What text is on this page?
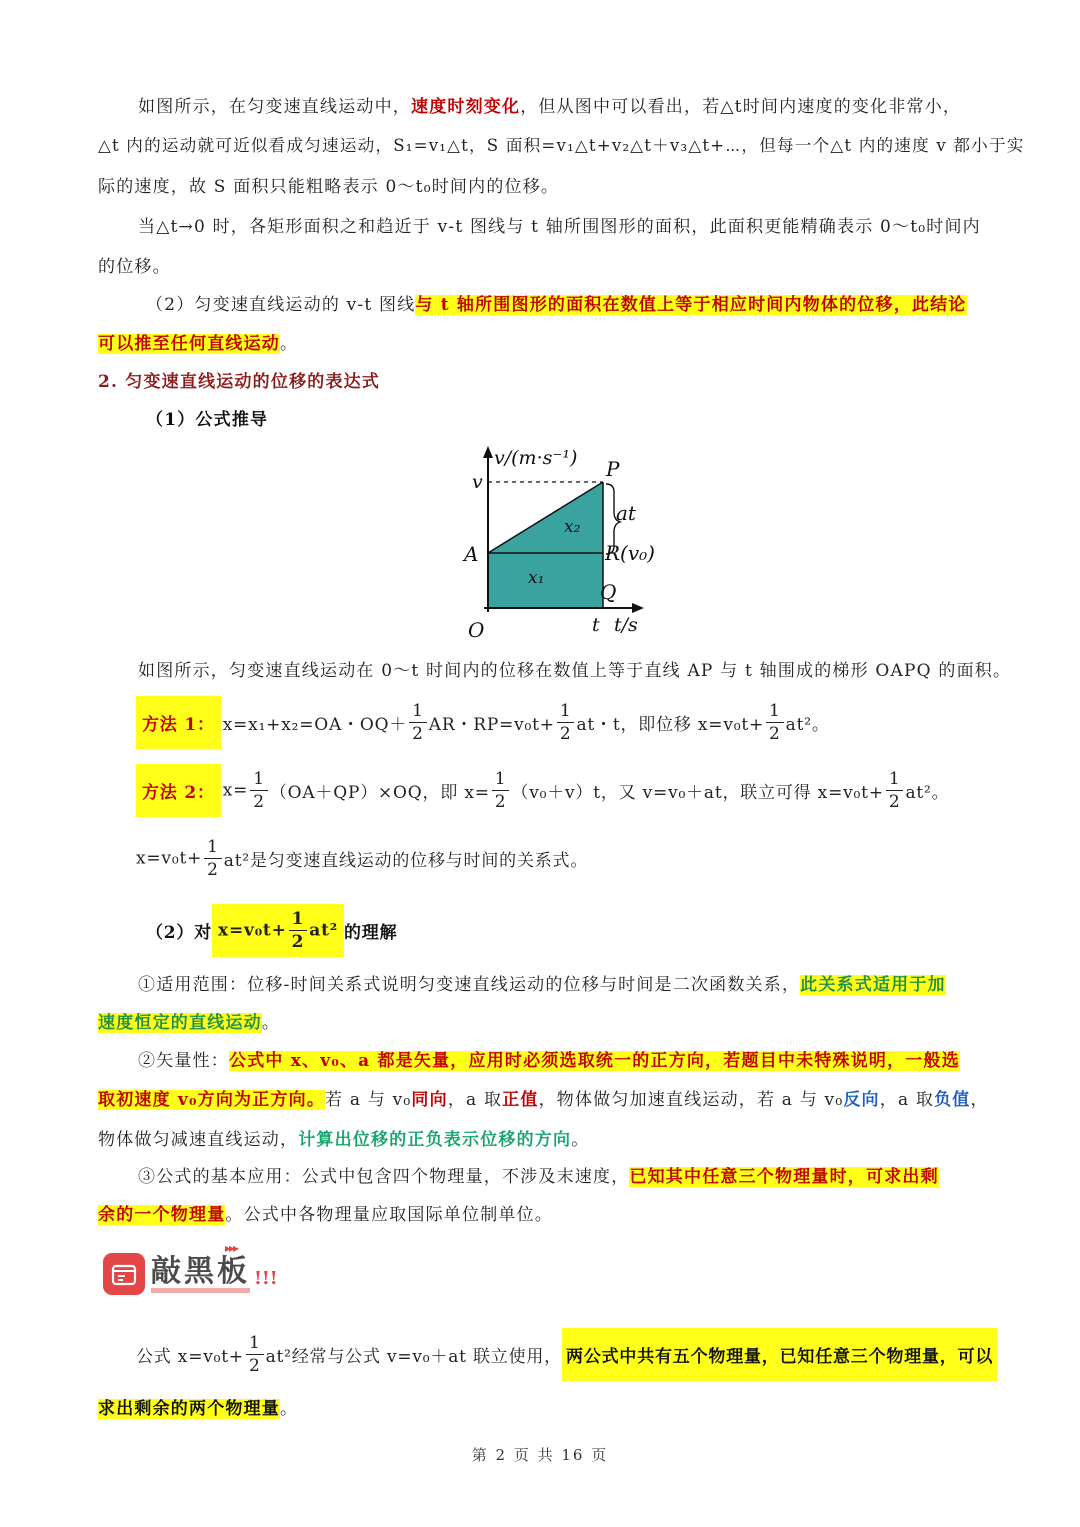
如图所示，在匀变速直线运动中，速度时刻变化，但从图中可以看出，若△t时间内速度的变化非常小，
△t 内的运动就可近似看成匀速运动，S₁=v₁△t，S 面积=v₁△t+v₂△t＋v₃△t+⋯，但每一个△t 内的速度 v 都小于实
际的速度，故 S 面积只能粗略表示 0～t₀时间内的位移。
当△t→0 时，各矩形面积之和趋近于 v-t 图线与 t 轴所围图形的面积，此面积更能精确表示 0～t₀时间内
的位移。
（2）匀变速直线运动的 v-t 图线与 t 轴所围图形的面积在数值上等于相应时间内物体的位移，此结论
可以推至任何直线运动。
2. 匀变速直线运动的位移的表达式
（1）公式推导
v/(m·s⁻¹)
t/s
v
t
O
A
P
Q
R(v₀)
at
x₂
x₁
如图所示，匀变速直线运动在 0～t 时间内的位移在数值上等于直线 AP 与 t 轴围成的梯形 OAPQ 的面积。
方法 1： x=x₁+x₂=OA・$OQ+ \frac{1}{2}$ AR・$RP=v_0t+ \frac{1}{2}$ at・t，即位移 $x=v_0t+ \frac{1}{2} at^2$。
方法 2： $x= \frac{1}{2} (OA+QP)\times OQ$，即 $x= \frac{1}{2} (v_0+v)t$，又 v=v₀＋at，联立可得 $x=v_0t+ \frac{1}{2} at^2$。
$x=v_0t+ \frac{1}{2} at^2$是匀变速直线运动的位移与时间的关系式。
（2）对 $x=v_0t+ \frac{1}{2} at^2$ 的理解
①适用范围：位移-时间关系式说明匀变速直线运动的位移与时间是二次函数关系，此关系式适用于加
速度恒定的直线运动。
②矢量性：公式中 x、v₀、a 都是矢量，应用时必须选取统一的正方向，若题目中未特殊说明，一般选
取初速度 v₀方向为正方向。若 a 与 v₀同向，a 取正值，物体做匀加速直线运动，若 a 与 v₀反向，a 取负值，
物体做匀减速直线运动，计算出位移的正负表示位移的方向。
③公式的基本应用：公式中包含四个物理量，不涉及末速度，已知其中任意三个物理量时，可求出剩
余的一个物理量。公式中各物理量应取国际单位制单位。
敲黑板 !!!
▸▸▸
公式 $x=v_0t+ \frac{1}{2} at^2$经常与公式 v=v₀＋at 联立使用， 两公式中共有五个物理量，已知任意三个物理量，可以
求出剩余的两个物理量。
第 2 页 共 16 页
